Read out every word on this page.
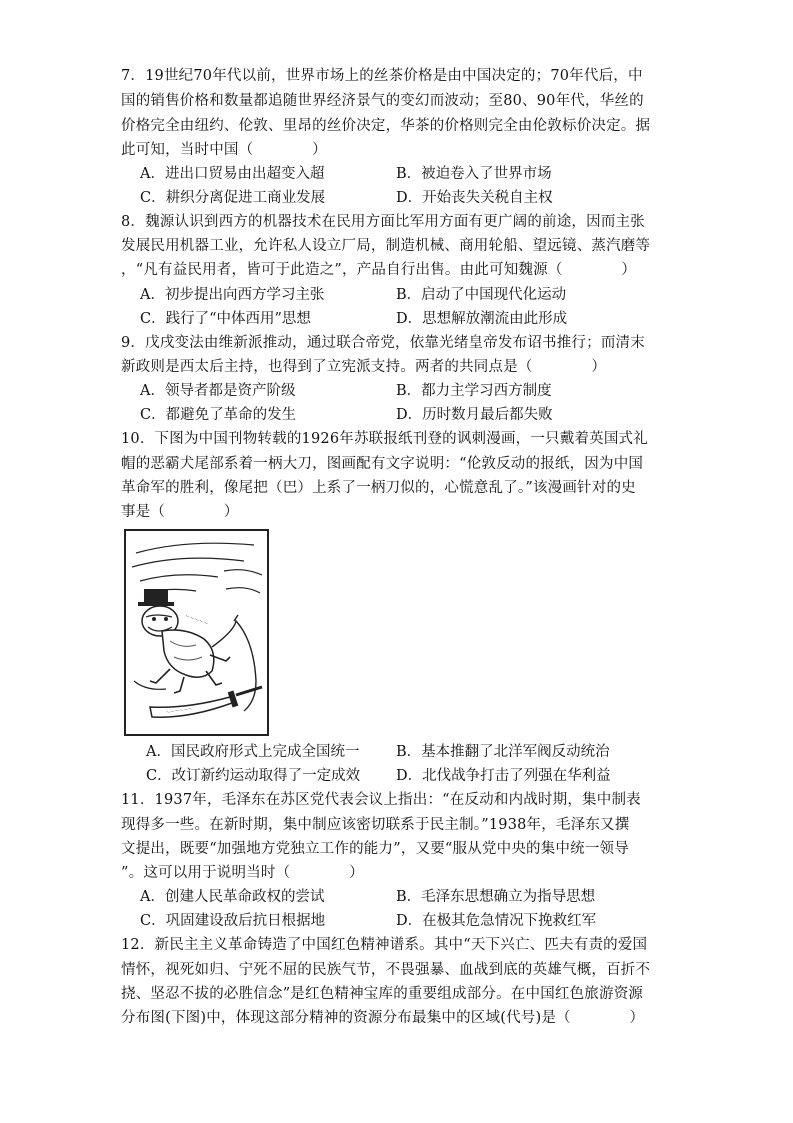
7．19世纪70年代以前，世界市场上的丝茶价格是由中国决定的；70年代后，中
国的销售价格和数量都追随世界经济景气的变幻而波动；至80、90年代，华丝的
价格完全由纽约、伦敦、里昂的丝价决定，华茶的价格则完全由伦敦标价决定。据
此可知，当时中国（　　　　）
A．进出口贸易由出超变入超	B．被迫卷入了世界市场
C．耕织分离促进工商业发展	D．开始丧失关税自主权
8．魏源认识到西方的机器技术在民用方面比军用方面有更广阔的前途，因而主张
发展民用机器工业，允许私人设立厂局，制造机械、商用轮船、望远镜、蒸汽磨等
，“凡有益民用者，皆可于此造之”，产品自行出售。由此可知魏源（　　　　）
A．初步提出向西方学习主张	B．启动了中国现代化运动
C．践行了“中体西用”思想	D．思想解放潮流由此形成
9．戊戌变法由维新派推动，通过联合帝党，依靠光绪皇帝发布诏书推行；而清末
新政则是西太后主持，也得到了立宪派支持。两者的共同点是（　　　　）
A．领导者都是资产阶级	B．都力主学习西方制度
C．都避免了革命的发生	D．历时数月最后都失败
10．下图为中国刊物转载的1926年苏联报纸刊登的讽刺漫画，一只戴着英国式礼
帽的恶霸犬尾部系着一柄大刀，图画配有文字说明：“伦敦反动的报纸，因为中国
革命军的胜利，像尾把（巴）上系了一柄刀似的，心慌意乱了。”该漫画针对的史
事是（　　　　）
～～～～～
～～～～～～
A．国民政府形式上完成全国统一	B．基本推翻了北洋军阀反动统治
C．改订新约运动取得了一定成效 D．北伐战争打击了列强在华利益
11．1937年，毛泽东在苏区党代表会议上指出：“在反动和内战时期，集中制表
现得多一些。在新时期，集中制应该密切联系于民主制。”1938年，毛泽东又撰
文提出，既要“加强地方党独立工作的能力”，又要“服从党中央的集中统一领导
”。这可以用于说明当时（　　　　）
A．创建人民革命政权的尝试	B．毛泽东思想确立为指导思想
C．巩固建设敌后抗日根据地	D．在极其危急情况下挽救红军
12．新民主主义革命铸造了中国红色精神谱系。其中“天下兴亡、匹夫有责的爱国
情怀，视死如归、宁死不屈的民族气节，不畏强暴、血战到底的英雄气概，百折不
挠、坚忍不拔的必胜信念”是红色精神宝库的重要组成部分。在中国红色旅游资源
分布图(下图)中，体现这部分精神的资源分布最集中的区域(代号)是（　　　　）
